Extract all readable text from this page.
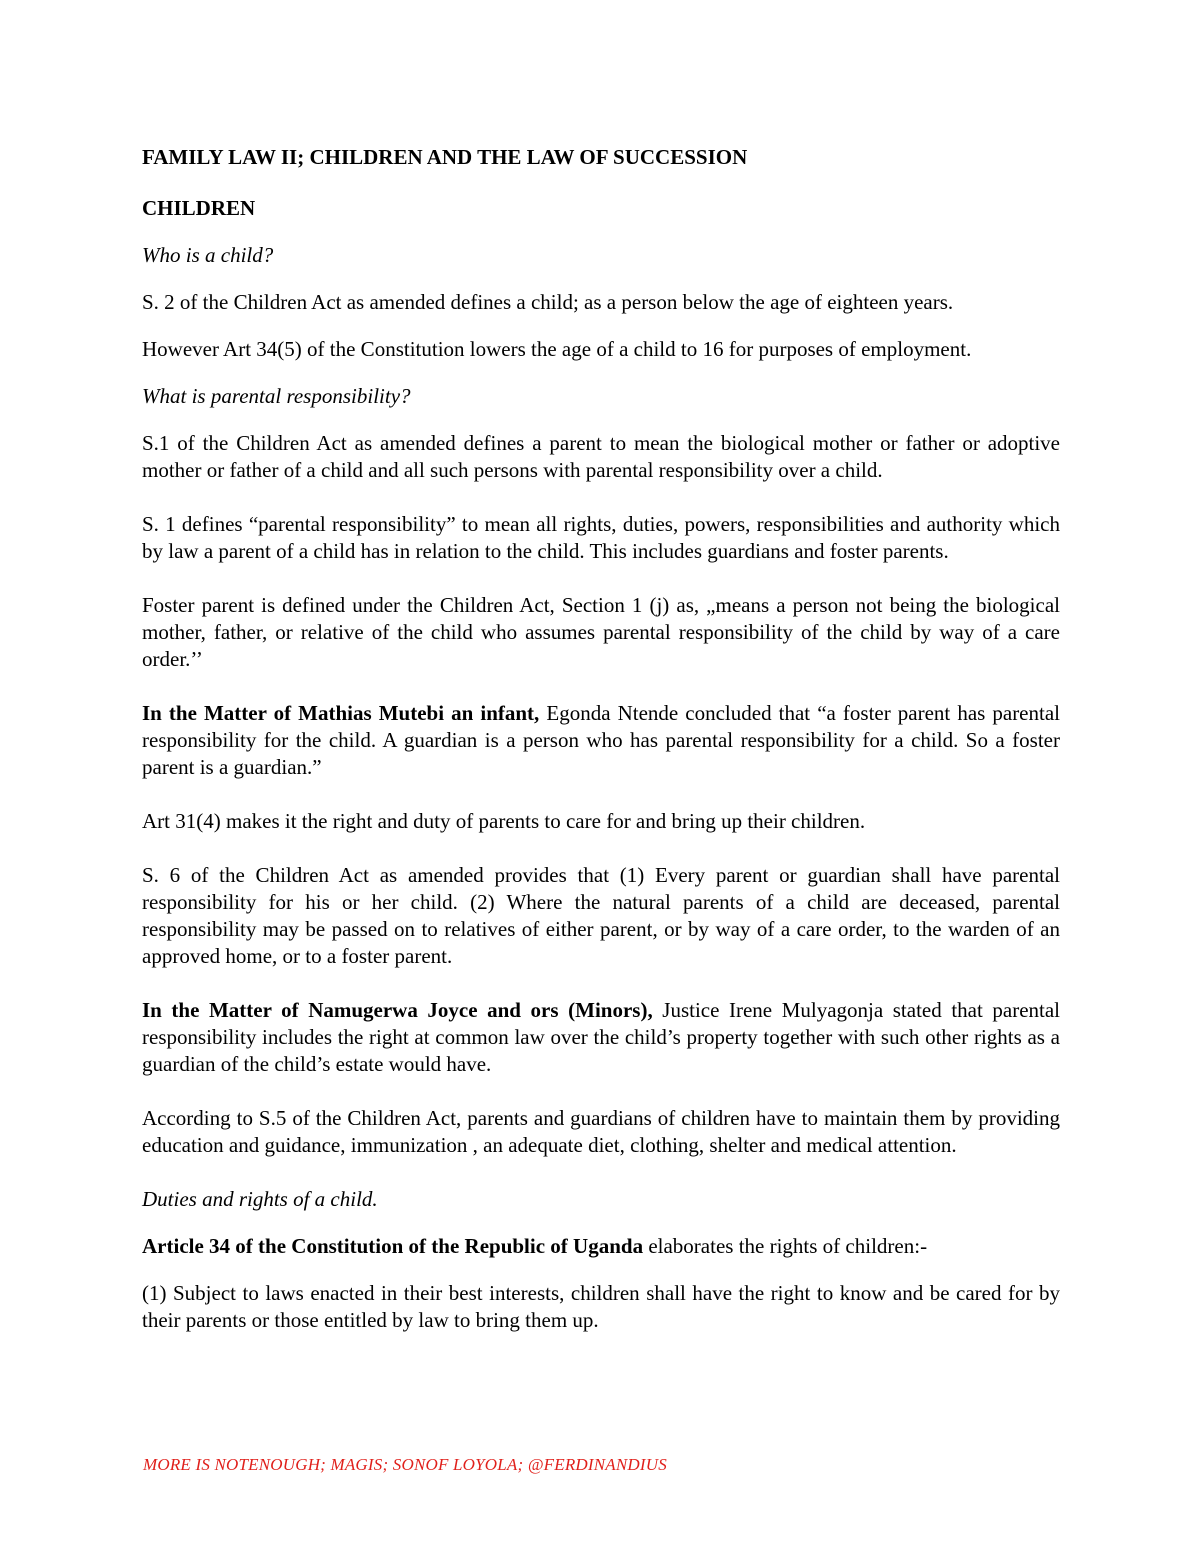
FAMILY LAW II; CHILDREN AND THE LAW OF SUCCESSION

CHILDREN

Who is a child?

S. 2 of the Children Act as amended defines a child; as a person below the age of eighteen years.

However Art 34(5) of the Constitution lowers the age of a child to 16 for purposes of employment.

What is parental responsibility?

S.1 of the Children Act as amended defines a parent to mean the biological mother or father or adoptive mother or father of a child and all such persons with parental responsibility over a child.

S. 1 defines “parental responsibility” to mean all rights, duties, powers, responsibilities and authority which by law a parent of a child has in relation to the child. This includes guardians and foster parents.

Foster parent is defined under the Children Act, Section 1 (j) as, „means a person not being the biological mother, father, or relative of the child who assumes parental responsibility of the child by way of a care order.’’

In the Matter of Mathias Mutebi an infant, Egonda Ntende concluded that “a foster parent has parental responsibility for the child. A guardian is a person who has parental responsibility for a child. So a foster parent is a guardian.”

Art 31(4) makes it the right and duty of parents to care for and bring up their children.

S. 6 of the Children Act as amended provides that (1) Every parent or guardian shall have parental responsibility for his or her child. (2) Where the natural parents of a child are deceased, parental responsibility may be passed on to relatives of either parent, or by way of a care order, to the warden of an approved home, or to a foster parent.

In the Matter of Namugerwa Joyce and ors (Minors), Justice Irene Mulyagonja stated that parental responsibility includes the right at common law over the child’s property together with such other rights as a guardian of the child’s estate would have.

According to S.5 of the Children Act, parents and guardians of children have to maintain them by providing education and guidance, immunization , an adequate diet, clothing, shelter and medical attention.

Duties and rights of a child.

Article 34 of the Constitution of the Republic of Uganda elaborates the rights of children:-

(1) Subject to laws enacted in their best interests, children shall have the right to know and be cared for by their parents or those entitled by law to bring them up.

MORE IS NOTENOUGH; MAGIS; SONOF LOYOLA; @FERDINANDIUS
